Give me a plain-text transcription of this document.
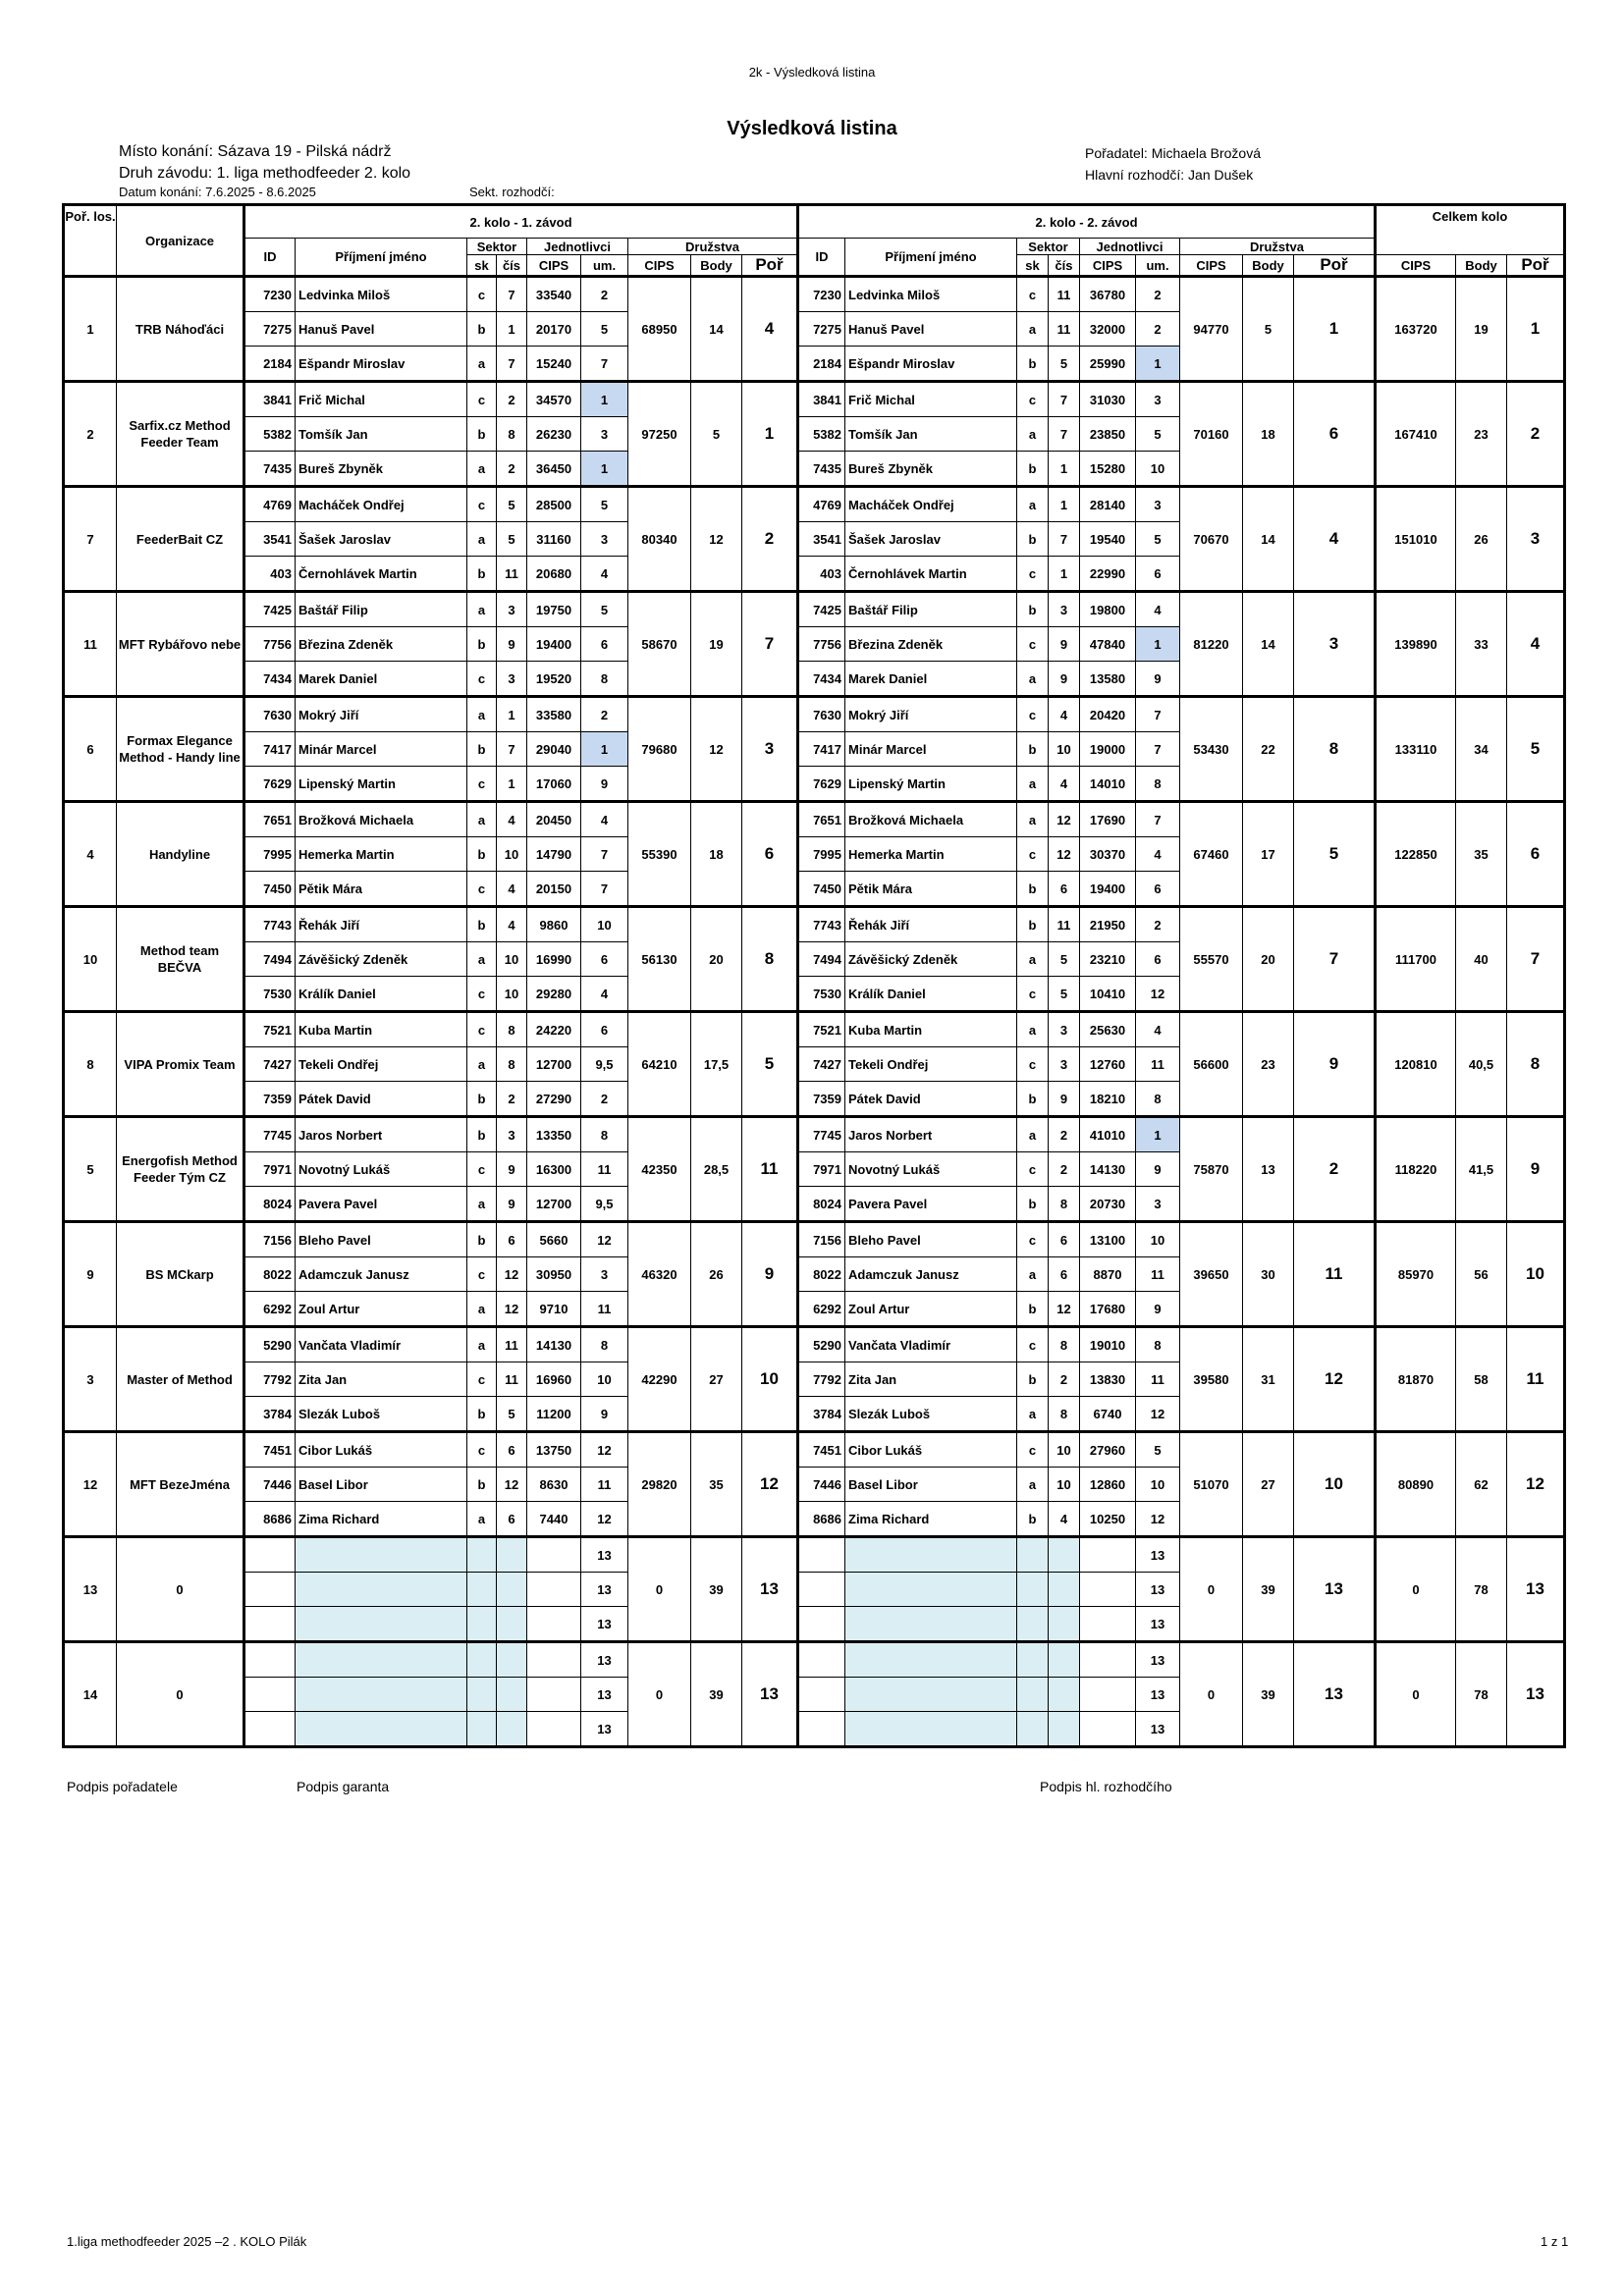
2k - Výsledková listina
Výsledková listina
Místo konání: Sázava 19 - Pilská nádrž
Druh závodu: 1. liga methodfeeder 2. kolo
Datum konání: 7.6.2025 - 8.6.2025	Sekt. rozhodčí:
Pořadatel: Michaela Brožová
Hlavní rozhodčí: Jan Dušek
Poř. los.	Organizace	2. kolo - 1. závod									2. kolo - 2. závod									Celkem kolo		
		ID	Příjmení jméno	Sektor		Jednotlivci		Družstva			ID	Příjmení jméno	Sektor		Jednotlivci		Družstva					
				sk	čís	CIPS	um.	CIPS	Body	Poř			sk	čís	CIPS	um.	CIPS	Body	Poř	CIPS	Body	Poř
1	TRB Náhoďáci	7230	Ledvinka Miloš	c	7	33540	2	68950	14	4	7230	Ledvinka Miloš	c	11	36780	2	94770	5	1	163720	19	1
		7275	Hanuš Pavel	b	1	20170	5				7275	Hanuš Pavel	a	11	32000	2						
		2184	Ešpandr Miroslav	a	7	15240	7				2184	Ešpandr Miroslav	b	5	25990	1						
2	Sarfix.cz Method Feeder Team	3841	Frič Michal	c	2	34570	1	97250	5	1	3841	Frič Michal	c	7	31030	3	70160	18	6	167410	23	2
		5382	Tomšík Jan	b	8	26230	3				5382	Tomšík Jan	a	7	23850	5						
		7435	Bureš Zbyněk	a	2	36450	1				7435	Bureš Zbyněk	b	1	15280	10						
7	FeederBait CZ	4769	Macháček Ondřej	c	5	28500	5	80340	12	2	4769	Macháček Ondřej	a	1	28140	3	70670	14	4	151010	26	3
		3541	Šašek Jaroslav	a	5	31160	3				3541	Šašek Jaroslav	b	7	19540	5						
		403	Černohlávek Martin	b	11	20680	4				403	Černohlávek Martin	c	1	22990	6						
11	MFT Rybářovo nebe	7425	Baštář Filip	a	3	19750	5	58670	19	7	7425	Baštář Filip	b	3	19800	4	81220	14	3	139890	33	4
		7756	Březina Zdeněk	b	9	19400	6				7756	Březina Zdeněk	c	9	47840	1						
		7434	Marek Daniel	c	3	19520	8				7434	Marek Daniel	a	9	13580	9						
6	Formax Elegance Method - Handy line	7630	Mokrý Jiří	a	1	33580	2	79680	12	3	7630	Mokrý Jiří	c	4	20420	7	53430	22	8	133110	34	5
		7417	Minár Marcel	b	7	29040	1				7417	Minár Marcel	b	10	19000	7						
		7629	Lipenský Martin	c	1	17060	9				7629	Lipenský Martin	a	4	14010	8						
4	Handyline	7651	Brožková Michaela	a	4	20450	4	55390	18	6	7651	Brožková Michaela	a	12	17690	7	67460	17	5	122850	35	6
		7995	Hemerka Martin	b	10	14790	7				7995	Hemerka Martin	c	12	30370	4						
		7450	Pětik Mára	c	4	20150	7				7450	Pětik Mára	b	6	19400	6						
10	Method team BEČVA	7743	Řehák Jiří	b	4	9860	10	56130	20	8	7743	Řehák Jiří	b	11	21950	2	55570	20	7	111700	40	7
		7494	Závěšický Zdeněk	a	10	16990	6				7494	Závěšický Zdeněk	a	5	23210	6						
		7530	Králík Daniel	c	10	29280	4				7530	Králík Daniel	c	5	10410	12						
8	VIPA Promix Team	7521	Kuba Martin	c	8	24220	6	64210	17,5	5	7521	Kuba Martin	a	3	25630	4	56600	23	9	120810	40,5	8
		7427	Tekeli Ondřej	a	8	12700	9,5				7427	Tekeli Ondřej	c	3	12760	11						
		7359	Pátek David	b	2	27290	2				7359	Pátek David	b	9	18210	8						
5	Energofish Method Feeder Tým CZ	7745	Jaros Norbert	b	3	13350	8	42350	28,5	11	7745	Jaros Norbert	a	2	41010	1	75870	13	2	118220	41,5	9
		7971	Novotný Lukáš	c	9	16300	11				7971	Novotný Lukáš	c	2	14130	9						
		8024	Pavera Pavel	a	9	12700	9,5				8024	Pavera Pavel	b	8	20730	3						
9	BS MCkarp	7156	Bleho Pavel	b	6	5660	12	46320	26	9	7156	Bleho Pavel	c	6	13100	10	39650	30	11	85970	56	10
		8022	Adamczuk Janusz	c	12	30950	3				8022	Adamczuk Janusz	a	6	8870	11						
		6292	Zoul Artur	a	12	9710	11				6292	Zoul Artur	b	12	17680	9						
3	Master of Method	5290	Vančata Vladimír	a	11	14130	8	42290	27	10	5290	Vančata Vladimír	c	8	19010	8	39580	31	12	81870	58	11
		7792	Zita Jan	c	11	16960	10				7792	Zita Jan	b	2	13830	11						
		3784	Slezák Luboš	b	5	11200	9				3784	Slezák Luboš	a	8	6740	12						
12	MFT BezeJména	7451	Cibor Lukáš	c	6	13750	12	29820	35	12	7451	Cibor Lukáš	c	10	27960	5	51070	27	10	80890	62	12
		7446	Basel Libor	b	12	8630	11				7446	Basel Libor	a	10	12860	10						
		8686	Zima Richard	a	6	7440	12				8686	Zima Richard	b	4	10250	12						
13	0						13	0	39	13						13	0	39	13	0	78	13
							13									13						
							13									13						
14	0						13	0	39	13						13	0	39	13	0	78	13
							13									13						
							13									13						
Podpis pořadatele	Podpis garanta	Podpis hl. rozhodčího
1.liga methodfeeder 2025 –2 . KOLO Pilák	1 z 1
